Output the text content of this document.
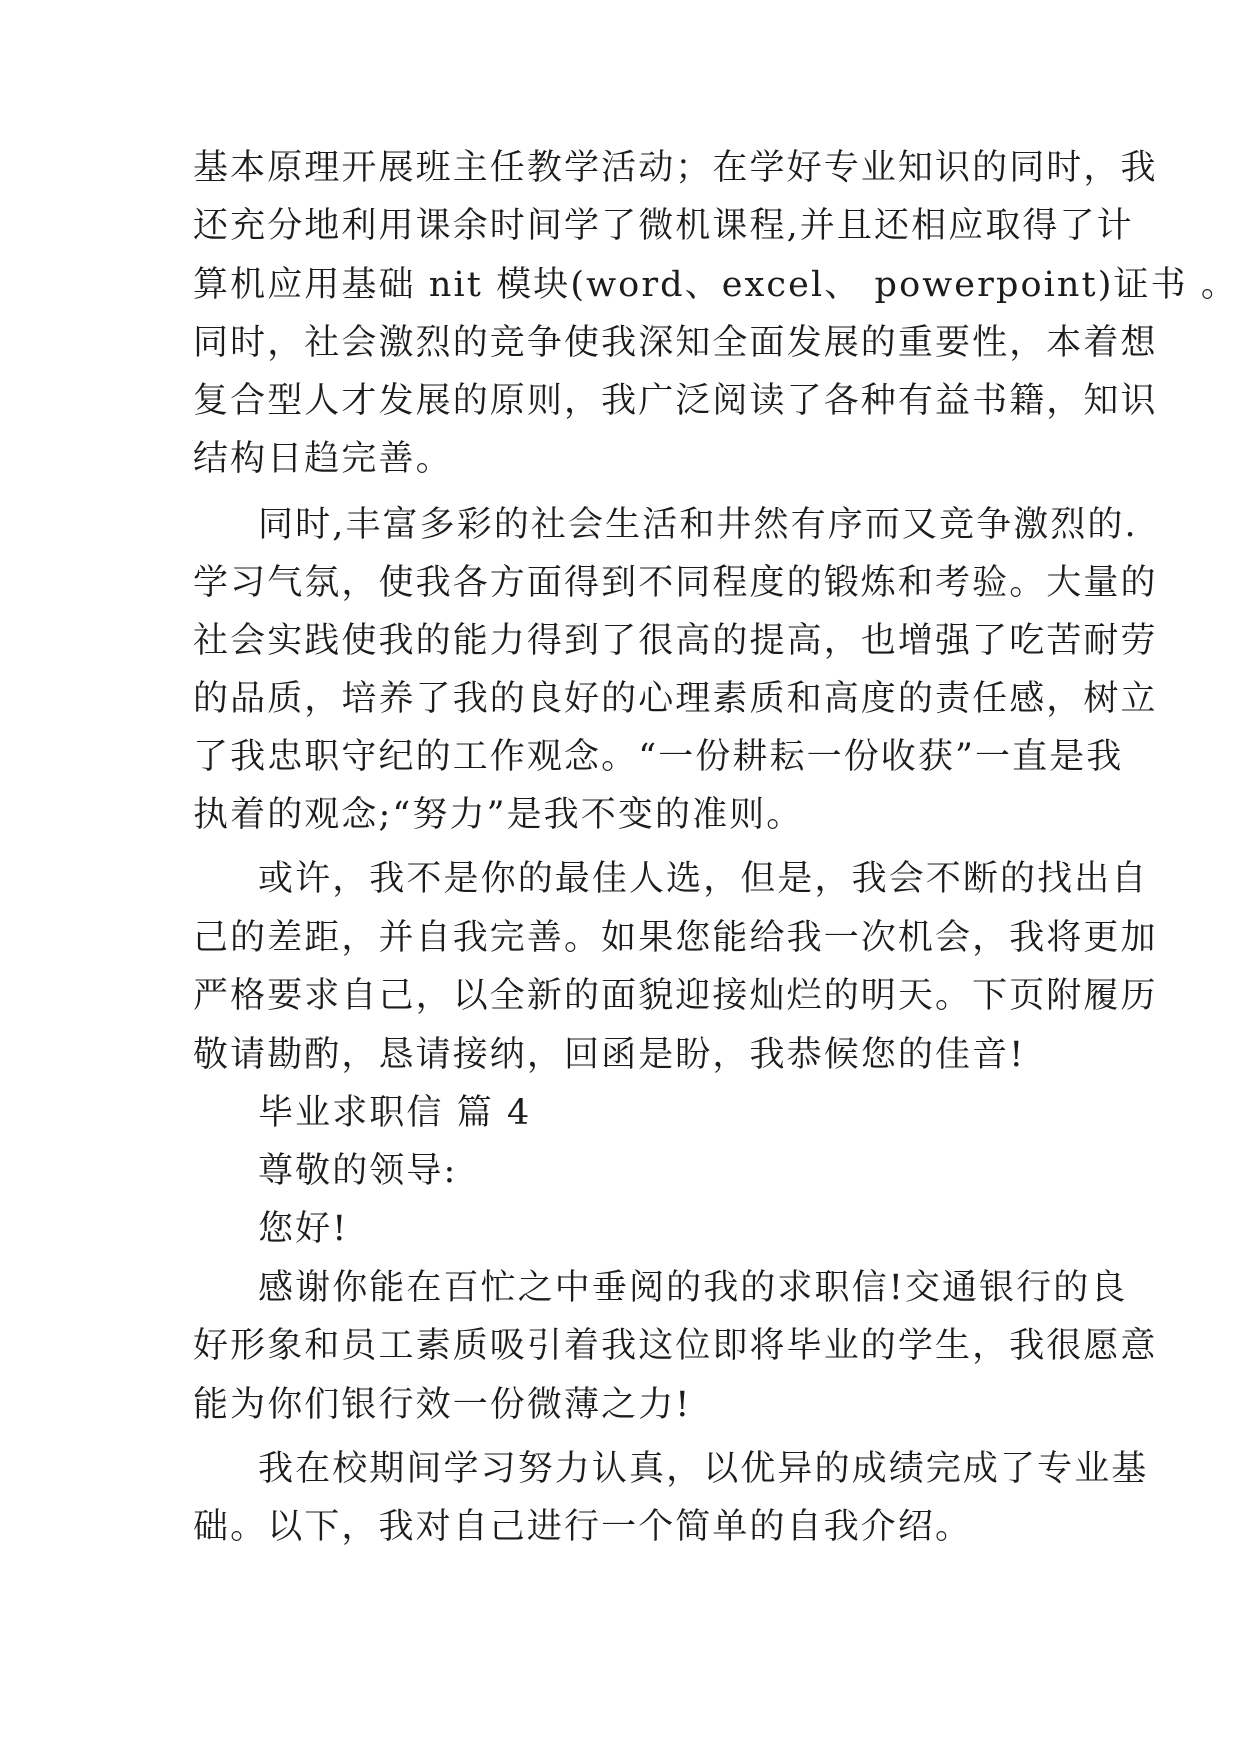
基本原理开展班主任教学活动；在学好专业知识的同时，我
还充分地利用课余时间学了微机课程,并且还相应取得了计
算机应用基础 nit 模块(word、excel、 powerpoint)证书 。
同时，社会激烈的竞争使我深知全面发展的重要性，本着想
复合型人才发展的原则，我广泛阅读了各种有益书籍，知识
结构日趋完善。
同时,丰富多彩的社会生活和井然有序而又竞争激烈的.
学习气氛，使我各方面得到不同程度的锻炼和考验。大量的
社会实践使我的能力得到了很高的提高，也增强了吃苦耐劳
的品质，培养了我的良好的心理素质和高度的责任感，树立
了我忠职守纪的工作观念。“一份耕耘一份收获”一直是我
执着的观念;“努力”是我不变的准则。
或许，我不是你的最佳人选，但是，我会不断的找出自
己的差距，并自我完善。如果您能给我一次机会，我将更加
严格要求自己，以全新的面貌迎接灿烂的明天。下页附履历
敬请勘酌，恳请接纳，回函是盼，我恭候您的佳音!
毕业求职信 篇 4
尊敬的领导:
您好!
感谢你能在百忙之中垂阅的我的求职信!交通银行的良
好形象和员工素质吸引着我这位即将毕业的学生，我很愿意
能为你们银行效一份微薄之力!
我在校期间学习努力认真，以优异的成绩完成了专业基
础。以下，我对自己进行一个简单的自我介绍。
